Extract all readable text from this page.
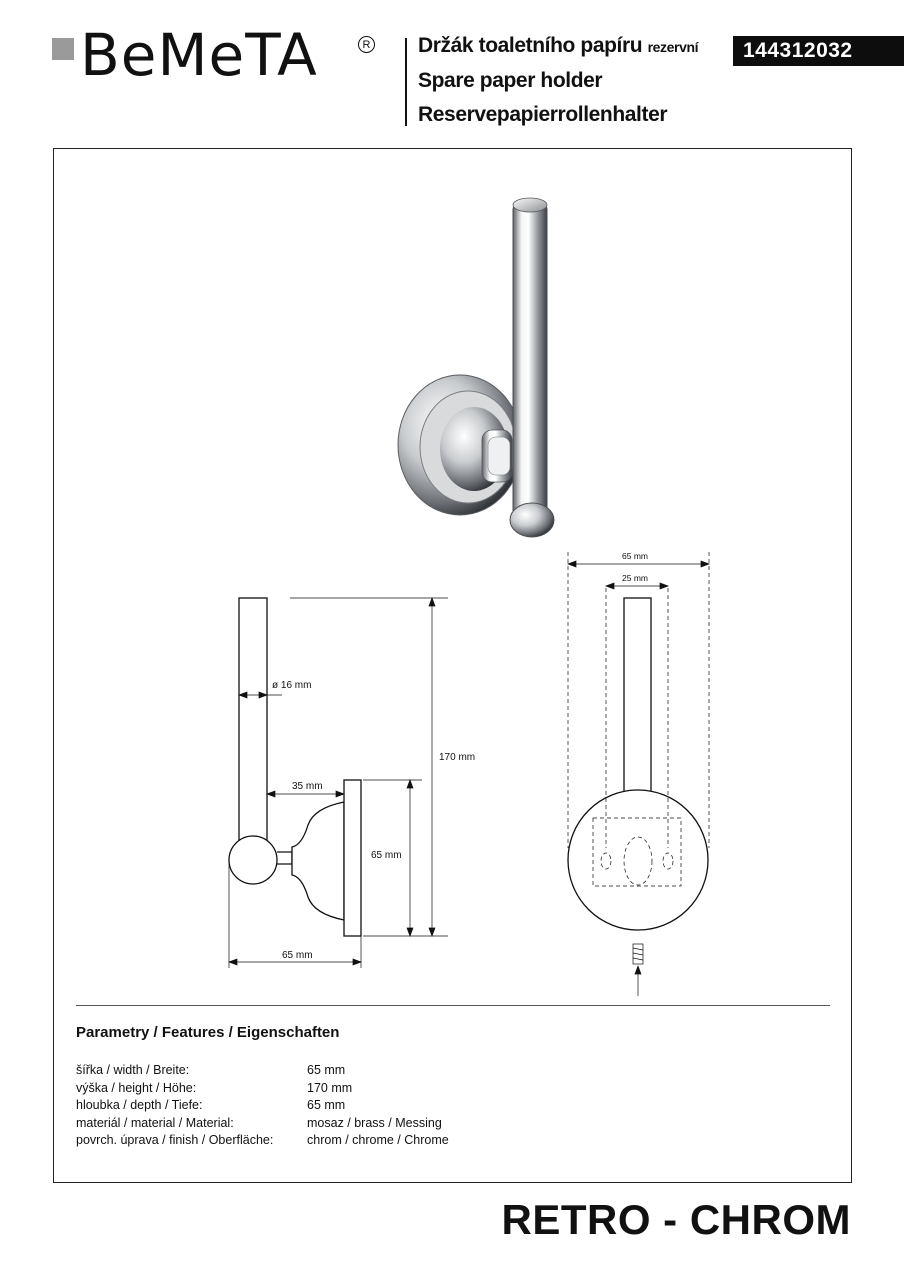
BeMeTA	R Držák toaletního papíru rezervní
Spare paper holder
Reservepapierrollenhalter
144312032
ø 16 mm
170 mm
35 mm
65 mm
65 mm
65 mm
25 mm
Parametry / Features / Eigenschaften
šířka / width / Breite:	65 mm
výška / height / Höhe:	170 mm
hloubka / depth / Tiefe:	65 mm
materiál / material / Material:	mosaz / brass / Messing
povrch. úprava / finish / Oberfläche:	chrom / chrome / Chrome
RETRO - CHROM
